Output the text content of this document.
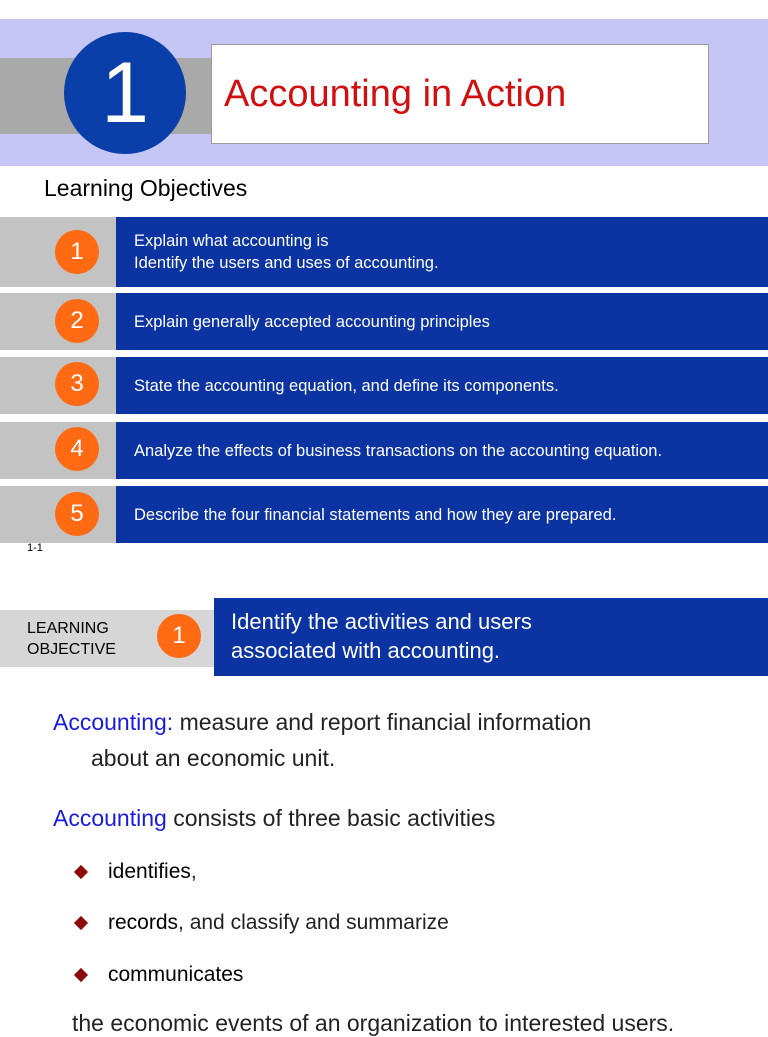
1	Accounting in Action
Learning Objectives
1	Explain what accounting is
Identify the users and uses of accounting.
2	Explain generally accepted accounting principles
3	State the accounting equation, and define its components.
4	Analyze the effects of business transactions on the accounting equation.
5	Describe the four financial statements and how they are prepared.
1-1
LEARNING
OBJECTIVE
1
Identify the activities and users
associated with accounting.
Accounting: measure and report financial information
about an economic unit.
Accounting consists of three basic activities
identifies ,
records , and classify and summarize
communicates
the economic events of an organization to interested users.
